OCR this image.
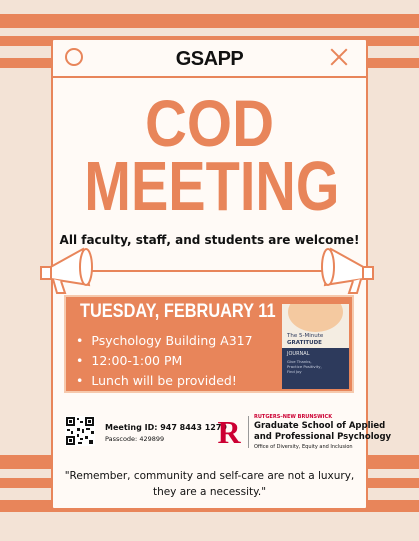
GSAPP
COD
MEETING
All faculty, staff, and students are welcome!
TUESDAY, FEBRUARY 11
• Psychology Building A317
• 12:00-1:00 PM
• Lunch will be provided!
The 5-Minute
GRATITUDE
JOURNAL
Give Thanks,
Practice Positivity,
Find Joy
Meeting ID: 947 8443 1279
Passcode: 429899 R	RUTGERS–NEW BRUNSWICK
Graduate School of Applied
and Professional Psychology
Office of Diversity, Equity and Inclusion
"Remember, community and self-care are not a luxury,
they are a necessity."
